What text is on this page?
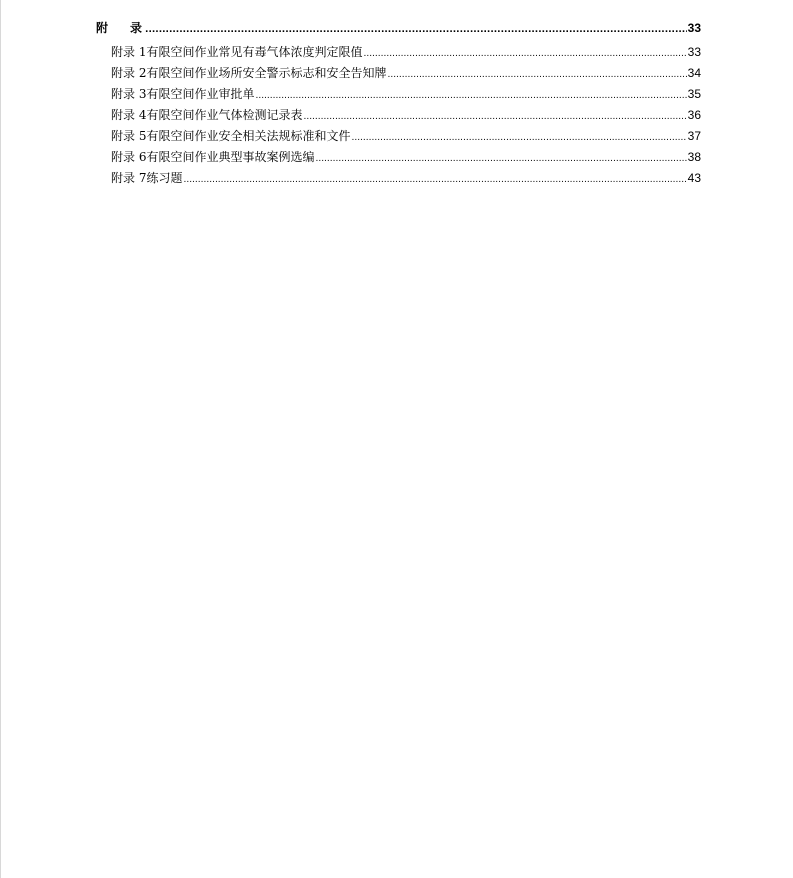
附 录 .....	33
附录 1 有限空间作业常见有毒气体浓度判定限值 .....	33
附录 2 有限空间作业场所安全警示标志和安全告知牌 .....	34
附录 3 有限空间作业审批单 .....	35
附录 4 有限空间作业气体检测记录表 .....	36
附录 5 有限空间作业安全相关法规标准和文件 .....	37
附录 6 有限空间作业典型事故案例选编 .....	38
附录 7 练习题 .....	43
